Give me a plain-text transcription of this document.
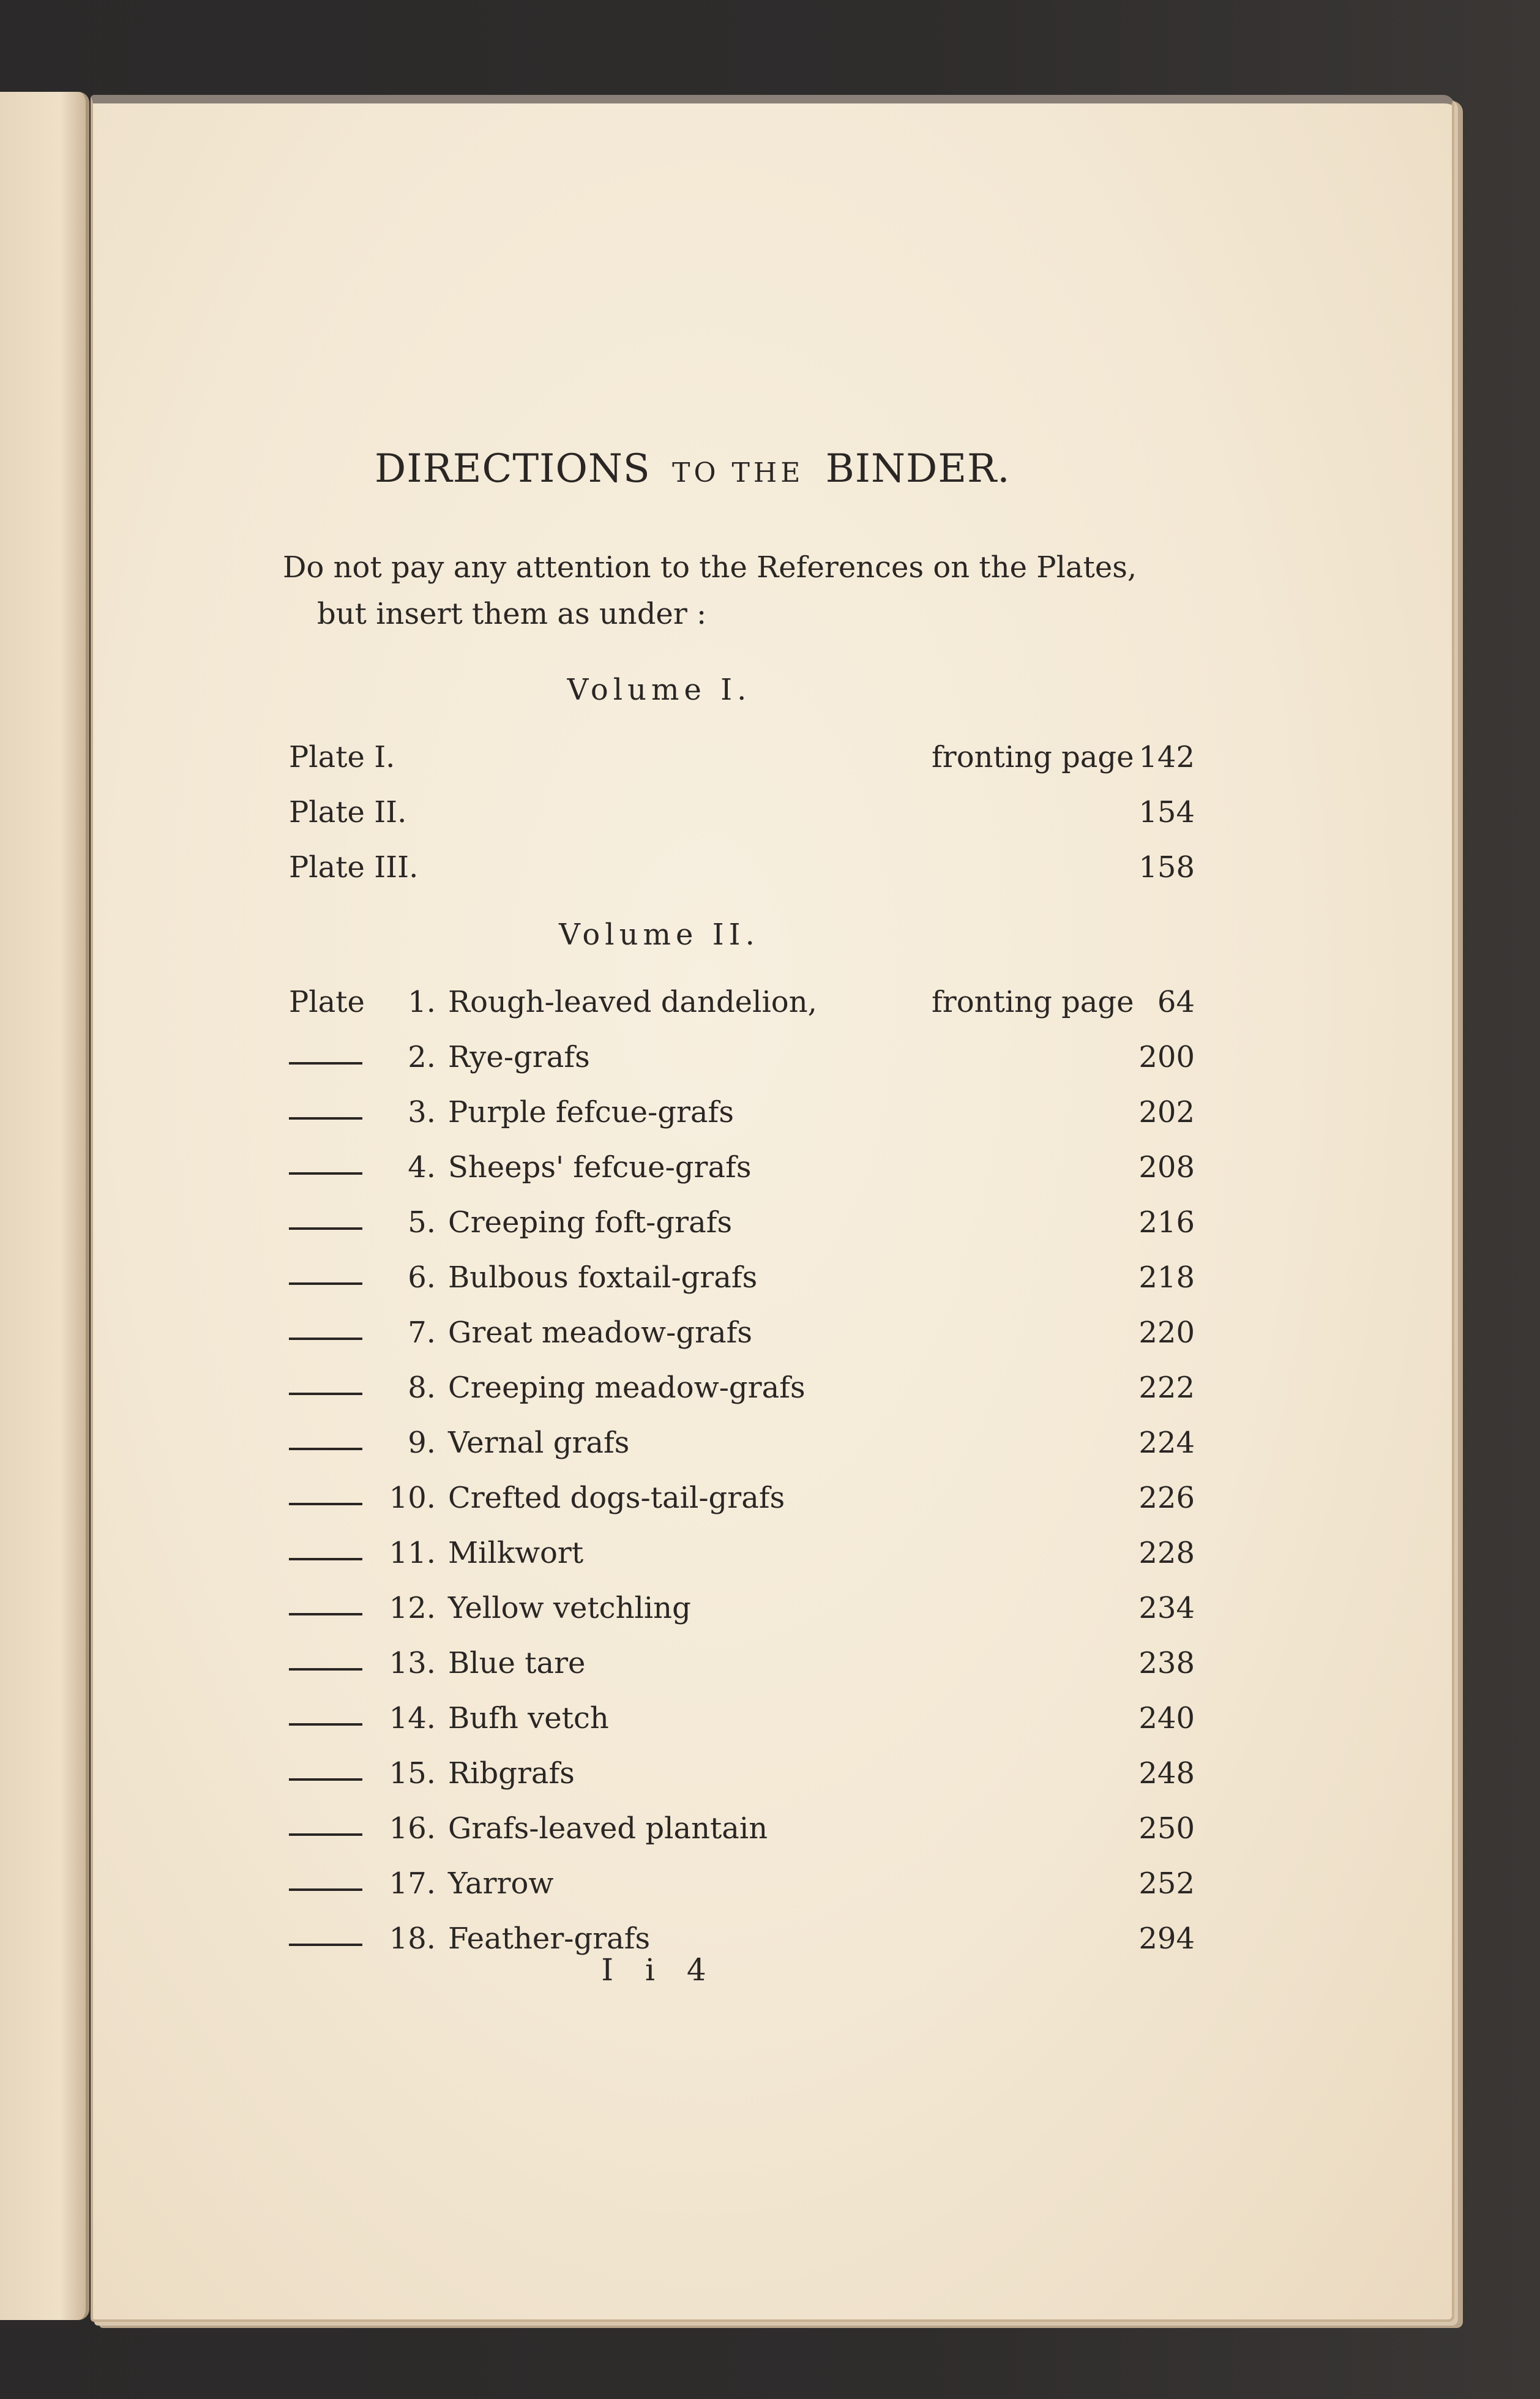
DIRECTIONS TO THE BINDER.
Do not pay any attention to the References on the Plates,
but insert them as under :
Volume I.
Plate I.	fronting page 142
Plate II.	154
Plate III.	158
Volume II.
Plate	1. Rough-leaved dandelion,	fronting page 64
2. Rye-grafs	200
3. Purple fefcue-grafs	202
4. Sheeps' fefcue-grafs	208
5. Creeping foft-grafs	216
6. Bulbous foxtail-grafs	218
7. Great meadow-grafs	220
8. Creeping meadow-grafs	222
9. Vernal grafs	224
10. Crefted dogs-tail-grafs	226
11. Milkwort	228
12. Yellow vetchling	234
13. Blue tare	238
14. Bufh vetch	240
15. Ribgrafs	248
16. Grafs-leaved plantain	250
17. Yarrow	252
18. Feather-grafs	294
I i 4
